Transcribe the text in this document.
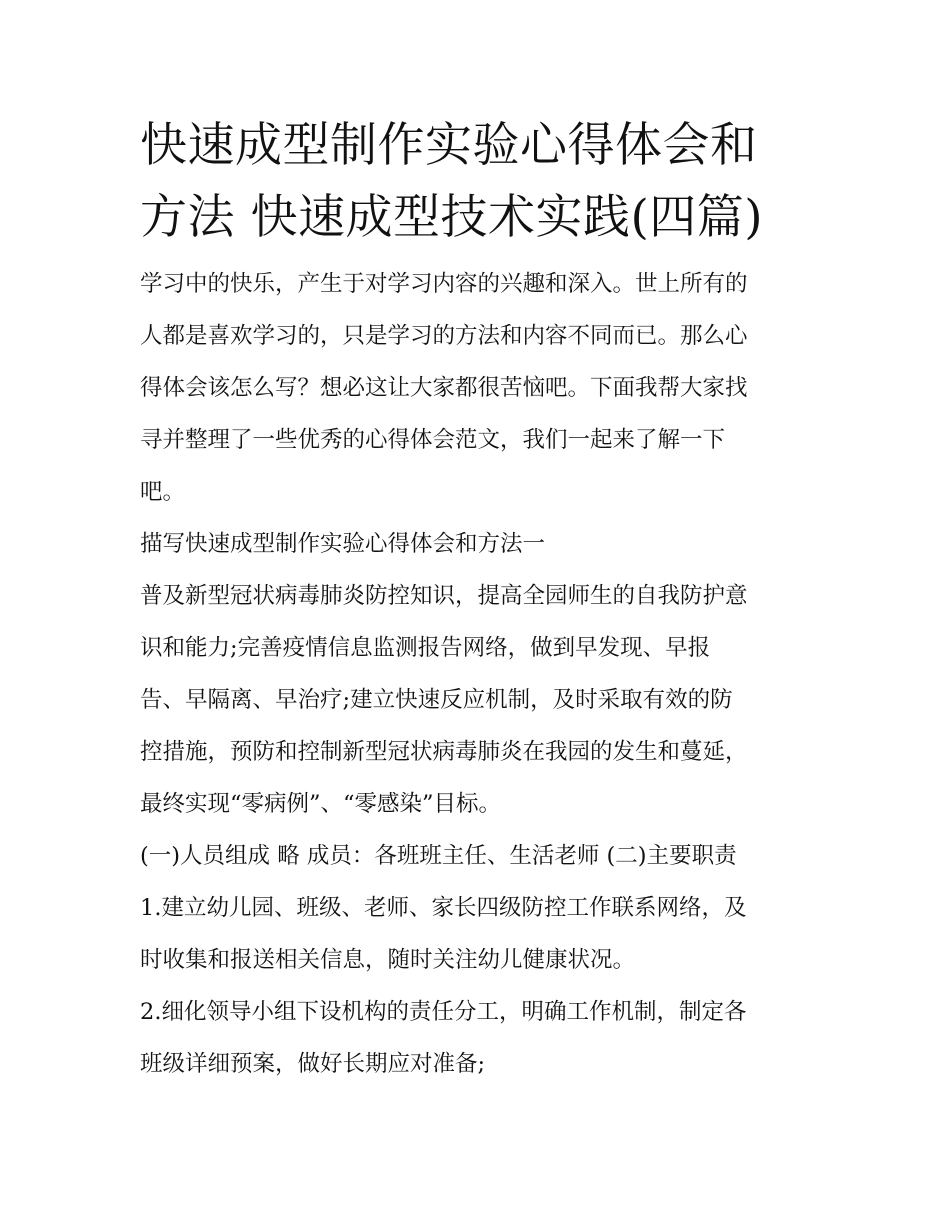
快速成型制作实验心得体会和
方法 快速成型技术实践(四篇)

学习中的快乐，产生于对学习内容的兴趣和深入。世上所有的
人都是喜欢学习的，只是学习的方法和内容不同而已。那么心
得体会该怎么写？想必这让大家都很苦恼吧。下面我帮大家找
寻并整理了一些优秀的心得体会范文，我们一起来了解一下
吧。

描写快速成型制作实验心得体会和方法一

普及新型冠状病毒肺炎防控知识，提高全园师生的自我防护意
识和能力;完善疫情信息监测报告网络，做到早发现、早报
告、早隔离、早治疗;建立快速反应机制，及时采取有效的防
控措施，预防和控制新型冠状病毒肺炎在我园的发生和蔓延，
最终实现“零病例”、“零感染”目标。

(一)人员组成 略 成员：各班班主任、生活老师 (二)主要职责

1.建立幼儿园、班级、老师、家长四级防控工作联系网络，及
时收集和报送相关信息，随时关注幼儿健康状况。

2.细化领导小组下设机构的责任分工，明确工作机制，制定各
班级详细预案，做好长期应对准备;
